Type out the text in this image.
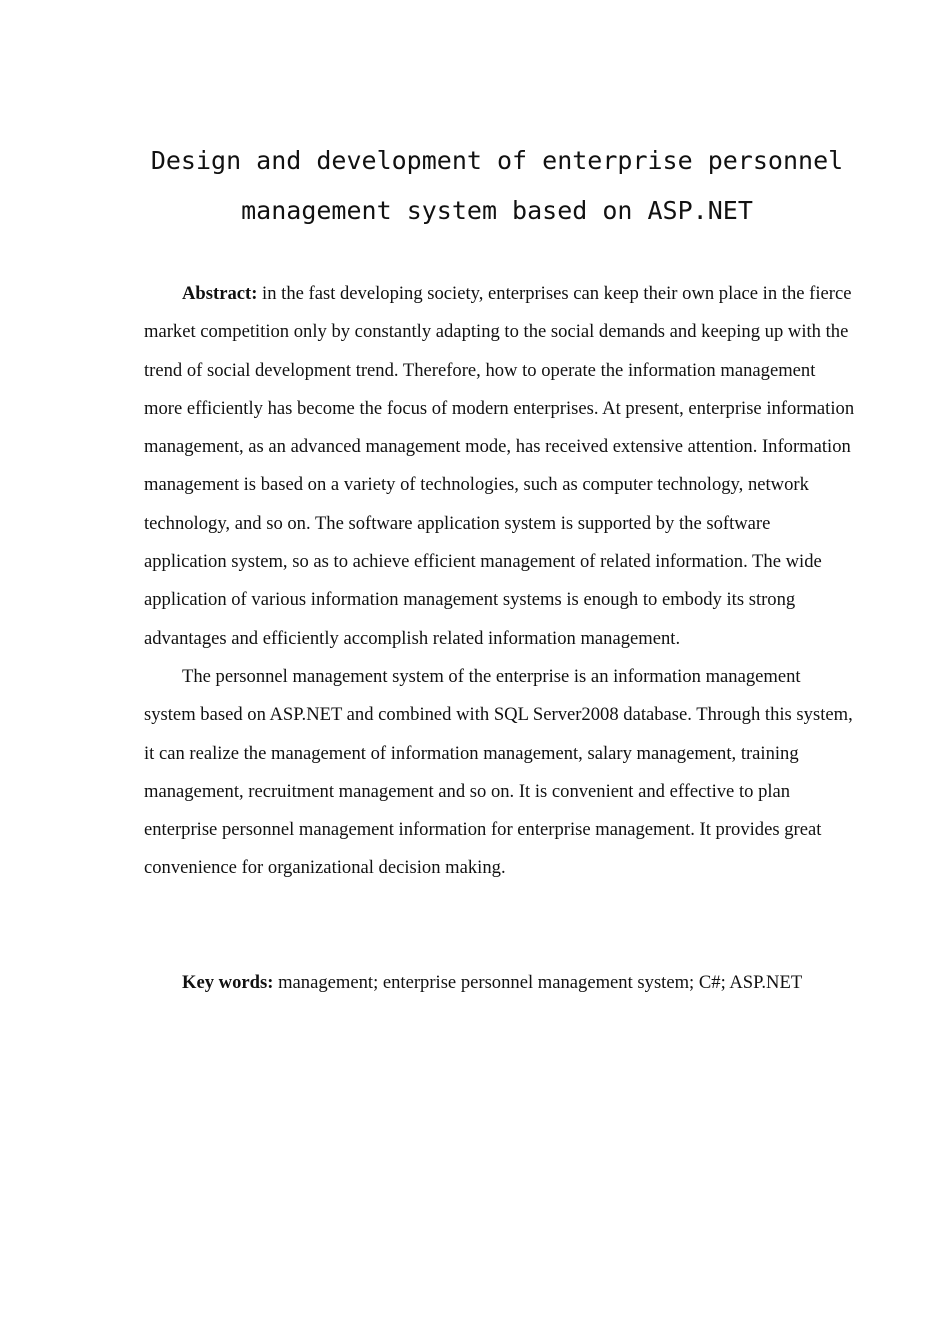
Design and development of enterprise personnel management system based on ASP.NET

Abstract: in the fast developing society, enterprises can keep their own place in the fierce market competition only by constantly adapting to the social demands and keeping up with the trend of social development trend. Therefore, how to operate the information management more efficiently has become the focus of modern enterprises. At present, enterprise information management, as an advanced management mode, has received extensive attention. Information management is based on a variety of technologies, such as computer technology, network technology, and so on. The software application system is supported by the software application system, so as to achieve efficient management of related information. The wide application of various information management systems is enough to embody its strong advantages and efficiently accomplish related information management.

The personnel management system of the enterprise is an information management system based on ASP.NET and combined with SQL Server2008 database. Through this system, it can realize the management of information management, salary management, training management, recruitment management and so on. It is convenient and effective to plan enterprise personnel management information for enterprise management. It provides great convenience for organizational decision making.

Key words: management; enterprise personnel management system; C#; ASP.NET
